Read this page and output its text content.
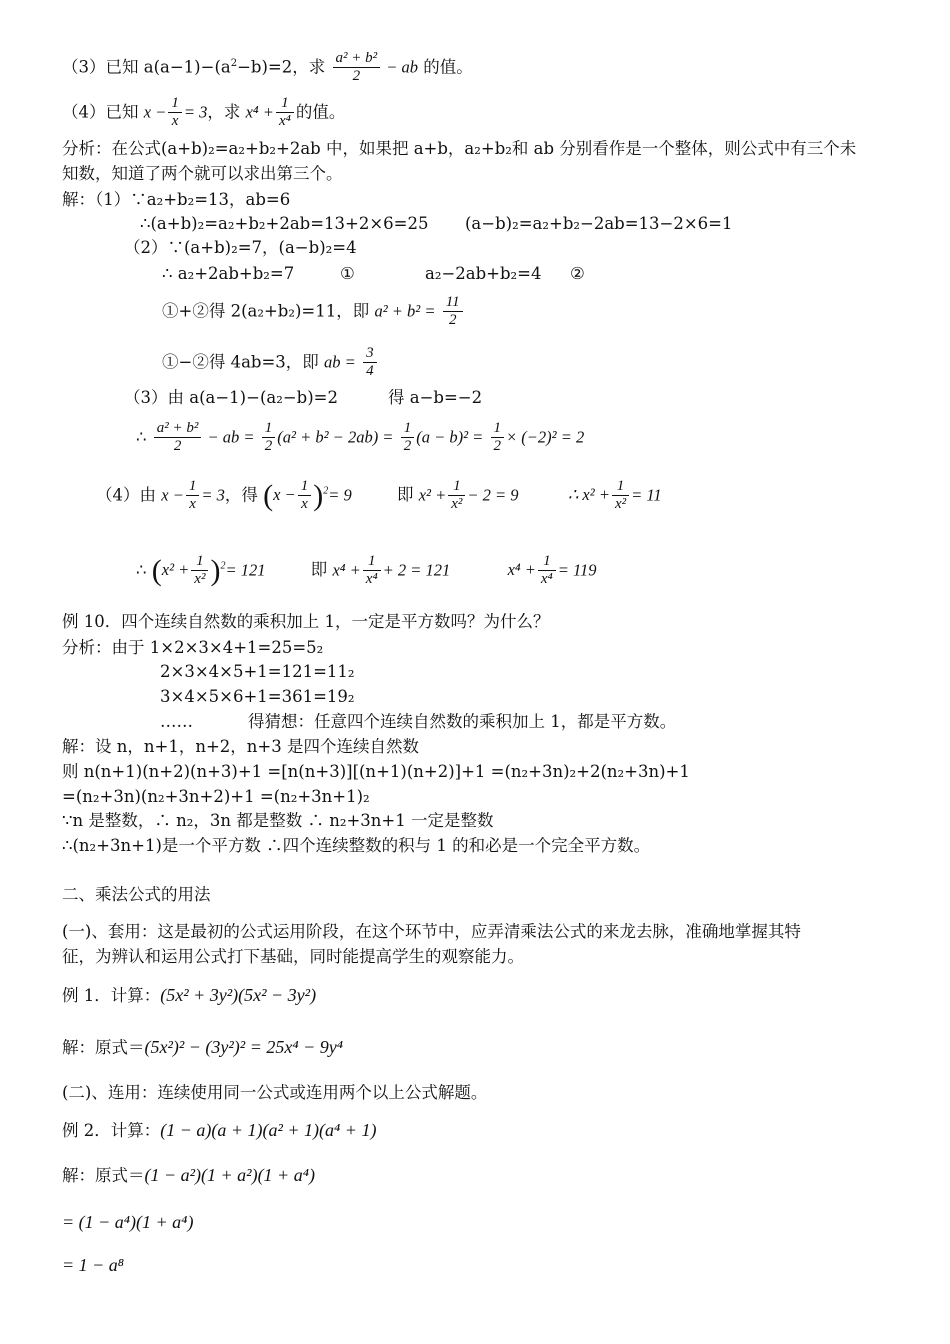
（3）已知 $a(a-1)-(a^2-b)=2$，求 $\frac{\text{a² + b²}}{2}$ − ab 的值。
（4）已知 $x - \frac{1}{x} = 3$，求 $x^4 + \frac{1}{\text{x⁴}}$ 的值。
分析：在公式(a+b)₂=a₂+b₂+2ab 中，如果把 a+b，a₂+b₂和 ab 分别看作是一个整体，则公式中有三个未
知数，知道了两个就可以求出第三个。
解：（1）∵a₂+b₂=13，ab=6
∴(a+b)₂=a₂+b₂+2ab=13+2×6=25 (a−b)₂=a₂+b₂−2ab=13−2×6=1
（2）∵(a+b)₂=7，(a−b)₂=4
∴ a₂+2ab+b₂=7	①	a₂−2ab+b₂=4 ②
①+②得 2(a₂+b₂)=11，即 $a^2 + b^2 = \frac{11}{2}$
①−②得 4ab=3，即 ab = $\frac{3}{4}$
（3）由 a(a−1)−(a₂−b)=2	得 a−b=−2
∴ $\frac{\text{a² + b²}}{2}$ − ab = $\frac{1}{2} (a^2 + b^2 - 2ab) = \frac{1}{2} (a - b)^2 = \frac{1}{2} \times (-2)^2 = 2$
（4）由 $x - \frac{1}{x} = 3$，得 $(x - \frac{1}{x} )^2= 9$	即 $x^2 + \frac{1}{\text{x²}} - 2 = 9$	∴ $x^2 + \frac{1}{\text{x²}} = 11$
∴ $(x^2 + \frac{1}{\text{x²}} )^2= 121$	即 $x^4 + \frac{1}{\text{x⁴}} + 2 = 121$	$x^4 + \frac{1}{\text{x⁴}} = 119$
例 10．四个连续自然数的乘积加上 1，一定是平方数吗？为什么？
分析：由于 1×2×3×4+1=25=5₂
2×3×4×5+1=121=11₂
3×4×5×6+1=361=19₂
……	得猜想：任意四个连续自然数的乘积加上 1，都是平方数。
解：设 n，n+1，n+2，n+3 是四个连续自然数
则 n(n+1)(n+2)(n+3)+1 =[n(n+3)][(n+1)(n+2)]+1 =(n₂+3n)₂+2(n₂+3n)+1
=(n₂+3n)(n₂+3n+2)+1 =(n₂+3n+1)₂
∵n 是整数，∴ n₂，3n 都是整数 ∴ n₂+3n+1 一定是整数
∴(n₂+3n+1)是一个平方数 ∴四个连续整数的积与 1 的和必是一个完全平方数。
二、乘法公式的用法
(一)、套用：这是最初的公式运用阶段，在这个环节中，应弄清乘法公式的来龙去脉，准确地掌握其特
征，为辨认和运用公式打下基础，同时能提高学生的观察能力。
例 1．计算：(5x² + 3y²)(5x² − 3y²)
解：原式＝(5x²)² − (3y²)² = 25x⁴ − 9y⁴
(二)、连用：连续使用同一公式或连用两个以上公式解题。
例 2．计算：(1 − a)(a + 1)(a² + 1)(a⁴ + 1)
解：原式＝(1 − a²)(1 + a²)(1 + a⁴)
= (1 − a⁴)(1 + a⁴)
= 1 − a⁸
